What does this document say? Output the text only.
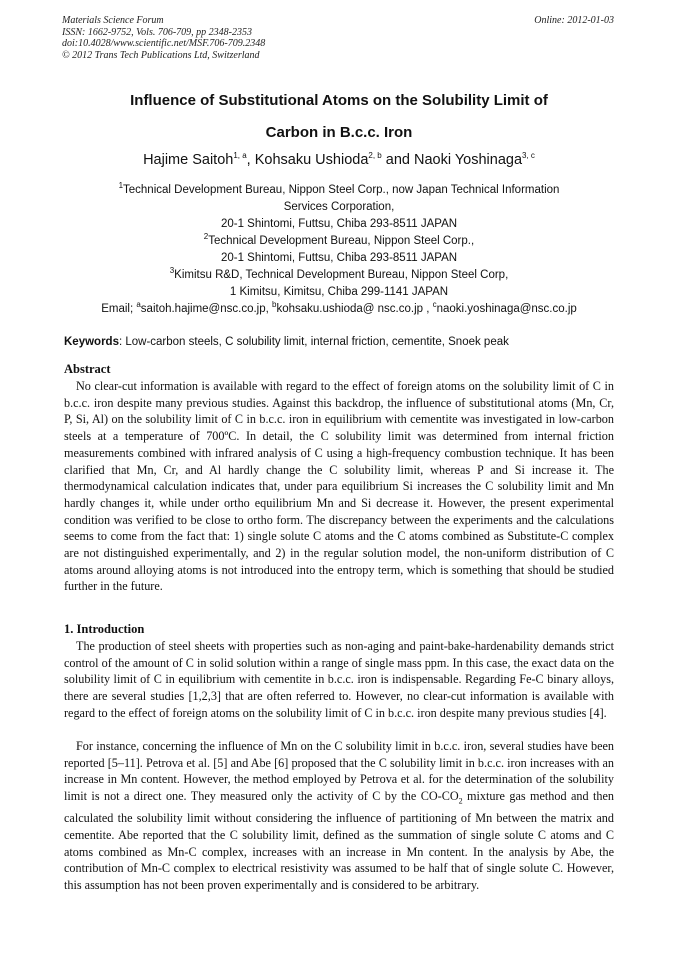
Materials Science Forum
ISSN: 1662-9752, Vols. 706-709, pp 2348-2353
doi:10.4028/www.scientific.net/MSF.706-709.2348
© 2012 Trans Tech Publications Ltd, Switzerland
Online: 2012-01-03
Influence of Substitutional Atoms on the Solubility Limit of
Carbon in B.c.c. Iron
Hajime Saitoh$^{1, a}$, Kohsaku Ushioda$^{2, b}$ and Naoki Yoshinaga$^{3, c}$
$^1$Technical Development Bureau, Nippon Steel Corp., now Japan Technical Information
Services Corporation,
20-1 Shintomi, Futtsu, Chiba 293-8511 JAPAN
$^2$Technical Development Bureau, Nippon Steel Corp.,
20-1 Shintomi, Futtsu, Chiba 293-8511 JAPAN
$^3$Kimitsu R&D, Technical Development Bureau, Nippon Steel Corp,
1 Kimitsu, Kimitsu, Chiba 299-1141 JAPAN
Email; $^a$saitoh.hajime@nsc.co.jp, $^b$kohsaku.ushioda@ nsc.co.jp , $^c$naoki.yoshinaga@nsc.co.jp
Keywords: Low-carbon steels, C solubility limit, internal friction, cementite, Snoek peak
Abstract

No clear-cut information is available with regard to the effect of foreign atoms on the solubility limit of C in b.c.c. iron despite many previous studies. Against this backdrop, the influence of substitutional atoms (Mn, Cr, P, Si, Al) on the solubility limit of C in b.c.c. iron in equilibrium with cementite was investigated in low-carbon steels at a temperature of 700ºC. In detail, the C solubility limit was determined from internal friction measurements combined with infrared analysis of C using a high-frequency combustion technique. It has been clarified that Mn, Cr, and Al hardly change the C solubility limit, whereas P and Si increase it. The thermodynamical calculation indicates that, under para equilibrium Si increases the C solubility limit and Mn hardly changes it, while under ortho equilibrium Mn and Si decrease it. However, the present experimental condition was verified to be close to ortho form. The discrepancy between the experiments and the calculations seems to come from the fact that: 1) single solute C atoms and the C atoms combined as Substitute-C complex are not distinguished experimentally, and 2) in the regular solution model, the non-uniform distribution of C atoms around alloying atoms is not introduced into the entropy term, which is something that should be studied further in the future.

1. Introduction

The production of steel sheets with properties such as non-aging and paint-bake-hardenability demands strict control of the amount of C in solid solution within a range of single mass ppm. In this case, the exact data on the solubility limit of C in equilibrium with cementite in b.c.c. iron is indispensable. Regarding Fe-C binary alloys, there are several studies [1,2,3] that are often referred to. However, no clear-cut information is available with regard to the effect of foreign atoms on the solubility limit of C in b.c.c. iron despite many previous studies [4].

For instance, concerning the influence of Mn on the C solubility limit in b.c.c. iron, several studies have been reported [5–11]. Petrova et al. [5] and Abe [6] proposed that the C solubility limit in b.c.c. iron increases with an increase in Mn content. However, the method employed by Petrova et al. for the determination of the solubility limit is not a direct one. They measured only the activity of C by the $CO-CO_2$ mixture gas method and then calculated the solubility limit without considering the influence of partitioning of Mn between the matrix and cementite. Abe reported that the C solubility limit, defined as the summation of single solute C atoms and C atoms combined as Mn-C complex, increases with an increase in Mn content. In the analysis by Abe, the contribution of Mn-C complex to electrical resistivity was assumed to be half that of single solute C. However, this assumption has not been proven experimentally and is considered to be arbitrary.
